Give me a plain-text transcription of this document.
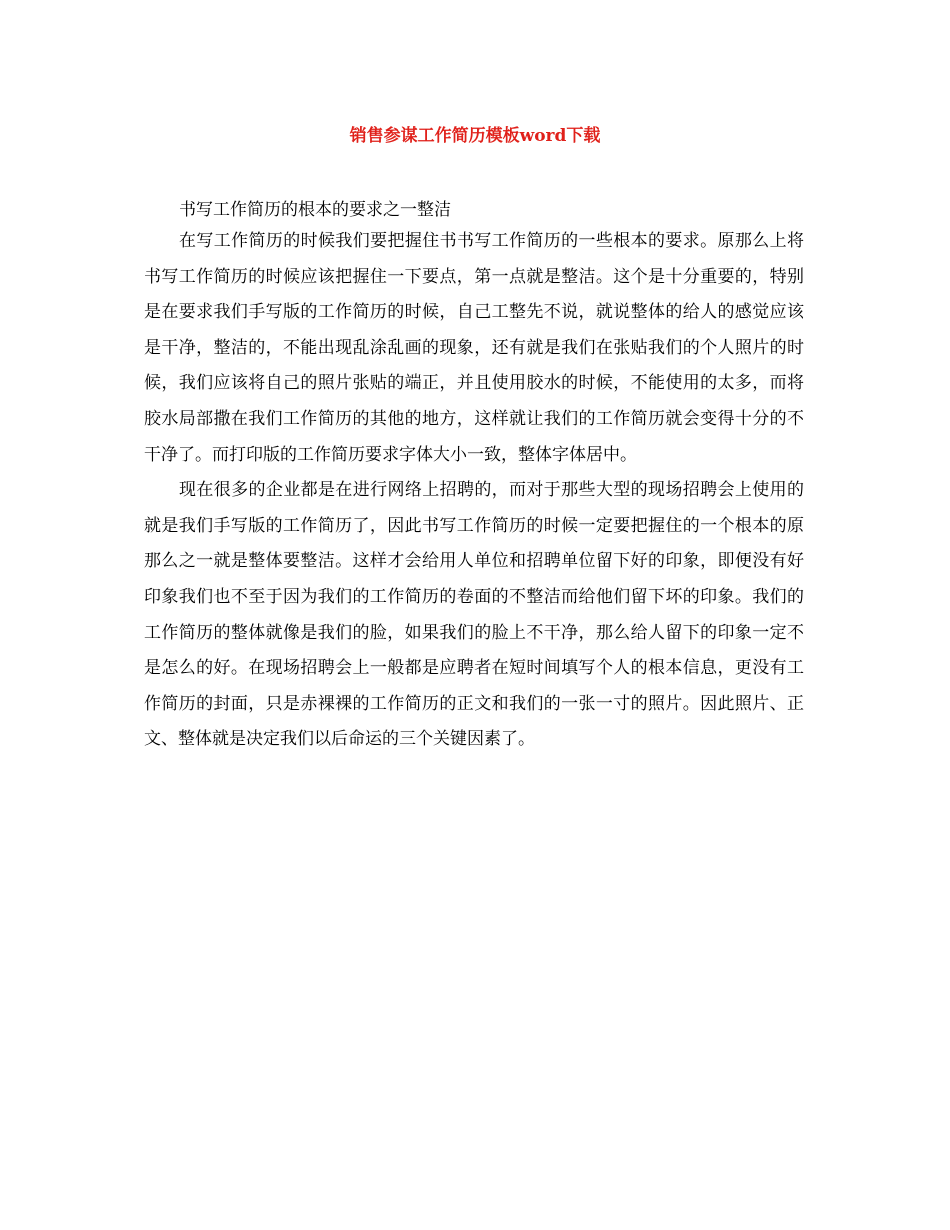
销售参谋工作简历模板word下载

书写工作简历的根本的要求之一整洁

在写工作简历的时候我们要把握住书书写工作简历的一些根本的要求。原那么上将书写工作简历的时候应该把握住一下要点，第一点就是整洁。这个是十分重要的，特别是在要求我们手写版的工作简历的时候，自己工整先不说，就说整体的给人的感觉应该是干净，整洁的，不能出现乱涂乱画的现象，还有就是我们在张贴我们的个人照片的时候，我们应该将自己的照片张贴的端正，并且使用胶水的时候，不能使用的太多，而将胶水局部撒在我们工作简历的其他的地方，这样就让我们的工作简历就会变得十分的不干净了。而打印版的工作简历要求字体大小一致，整体字体居中。

现在很多的企业都是在进行网络上招聘的，而对于那些大型的现场招聘会上使用的就是我们手写版的工作简历了，因此书写工作简历的时候一定要把握住的一个根本的原那么之一就是整体要整洁。这样才会给用人单位和招聘单位留下好的印象，即便没有好印象我们也不至于因为我们的工作简历的卷面的不整洁而给他们留下坏的印象。我们的工作简历的整体就像是我们的脸，如果我们的脸上不干净，那么给人留下的印象一定不是怎么的好。在现场招聘会上一般都是应聘者在短时间填写个人的根本信息，更没有工作简历的封面，只是赤裸裸的工作简历的正文和我们的一张一寸的照片。因此照片、正文、整体就是决定我们以后命运的三个关键因素了。
